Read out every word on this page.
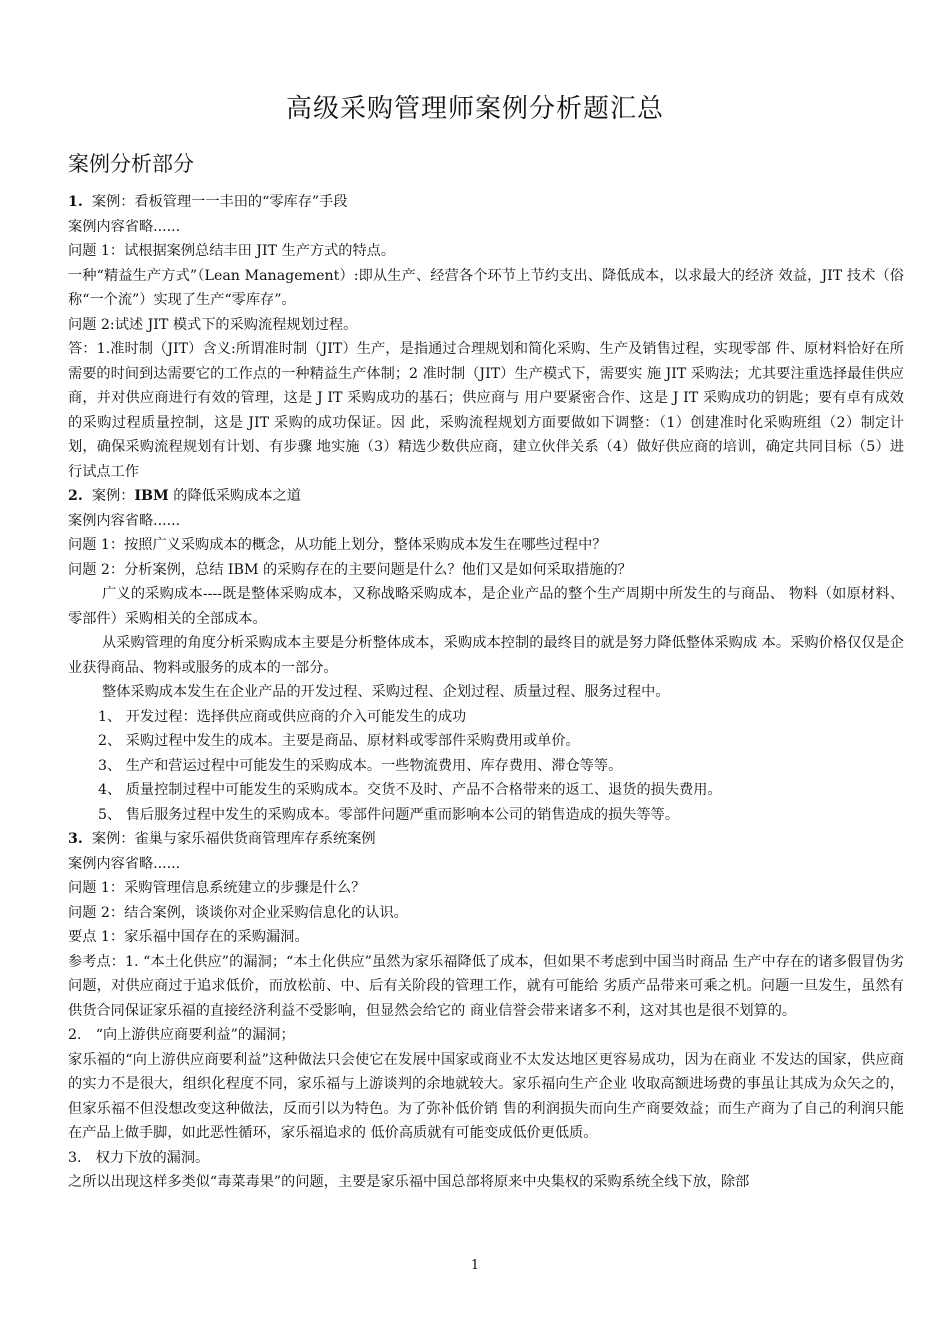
高级采购管理师案例分析题汇总
案例分析部分

1. 案例：看板管理一一丰田的“零库存”手段

案例内容省略......

问题 1：试根据案例总结丰田 JIT 生产方式的特点。

一种“精益生产方式”（Lean Management）:即从生产、经营各个环节上节约支出、降低成本，以求最大的经济 效益，JIT 技术（俗称“一个流”）实现了生产“零库存”。

问题 2:试述 JIT 模式下的采购流程规划过程。

答：1.准时制（JIT）含义:所谓准时制（JIT）生产，是指通过合理规划和简化采购、生产及销售过程，实现零部 件、原材料恰好在所需要的时间到达需要它的工作点的一种精益生产体制；2 准时制（JIT）生产模式下，需要实 施 JIT 采购法；尤其要注重选择最佳供应商，并对供应商进行有效的管理，这是 J IT 采购成功的基石；供应商与 用户要紧密合作、这是 J IT 采购成功的钥匙；要有卓有成效的采购过程质量控制，这是 JIT 采购的成功保证。因 此，采购流程规划方面要做如下调整：（1）创建准时化采购班组（2）制定计划，确保采购流程规划有计划、有步骤 地实施（3）精选少数供应商，建立伙伴关系（4）做好供应商的培训，确定共同目标（5）进行试点工作

2. 案例：IBM 的降低采购成本之道

案例内容省略......

问题 1：按照广义采购成本的概念，从功能上划分，整体采购成本发生在哪些过程中？

问题 2：分析案例，总结 IBM 的采购存在的主要问题是什么？他们又是如何采取措施的？

广义的采购成本----既是整体采购成本，又称战略采购成本，是企业产品的整个生产周期中所发生的与商品、 物料（如原材料、零部件）采购相关的全部成本。

从采购管理的角度分析采购成本主要是分析整体成本，采购成本控制的最终目的就是努力降低整体采购成 本。采购价格仅仅是企业获得商品、物料或服务的成本的一部分。

整体采购成本发生在企业产品的开发过程、采购过程、企划过程、质量过程、服务过程中。

1、 开发过程：选择供应商或供应商的介入可能发生的成功

2、 采购过程中发生的成本。主要是商品、原材料或零部件采购费用或单价。

3、 生产和营运过程中可能发生的采购成本。一些物流费用、库存费用、滞仓等等。

4、 质量控制过程中可能发生的采购成本。交货不及时、产品不合格带来的返工、退货的损失费用。

5、 售后服务过程中发生的采购成本。零部件问题严重而影响本公司的销售造成的损失等等。

3. 案例：雀巢与家乐福供货商管理库存系统案例

案例内容省略......

问题 1：采购管理信息系统建立的步骤是什么？

问题 2：结合案例，谈谈你对企业采购信息化的认识。

要点 1：家乐福中国存在的采购漏洞。

参考点：1. “本土化供应”的漏洞；“本土化供应”虽然为家乐福降低了成本，但如果不考虑到中国当时商品 生产中存在的诸多假冒伪劣问题，对供应商过于追求低价，而放松前、中、后有关阶段的管理工作，就有可能给 劣质产品带来可乘之机。问题一旦发生，虽然有供货合同保证家乐福的直接经济利益不受影响，但显然会给它的 商业信誉会带来诸多不利，这对其也是很不划算的。

2.　“向上游供应商要利益”的漏洞；

家乐福的“向上游供应商要利益”这种做法只会使它在发展中国家或商业不太发达地区更容易成功，因为在商业 不发达的国家，供应商的实力不是很大，组织化程度不同，家乐福与上游谈判的余地就较大。家乐福向生产企业 收取高额进场费的事虽让其成为众矢之的，但家乐福不但没想改变这种做法，反而引以为特色。为了弥补低价销 售的利润损失而向生产商要效益；而生产商为了自己的利润只能在产品上做手脚，如此恶性循环，家乐福追求的 低价高质就有可能变成低价更低质。

3.　权力下放的漏洞。

之所以出现这样多类似“毒菜毒果”的问题，主要是家乐福中国总部将原来中央集权的采购系统全线下放，除部

1
